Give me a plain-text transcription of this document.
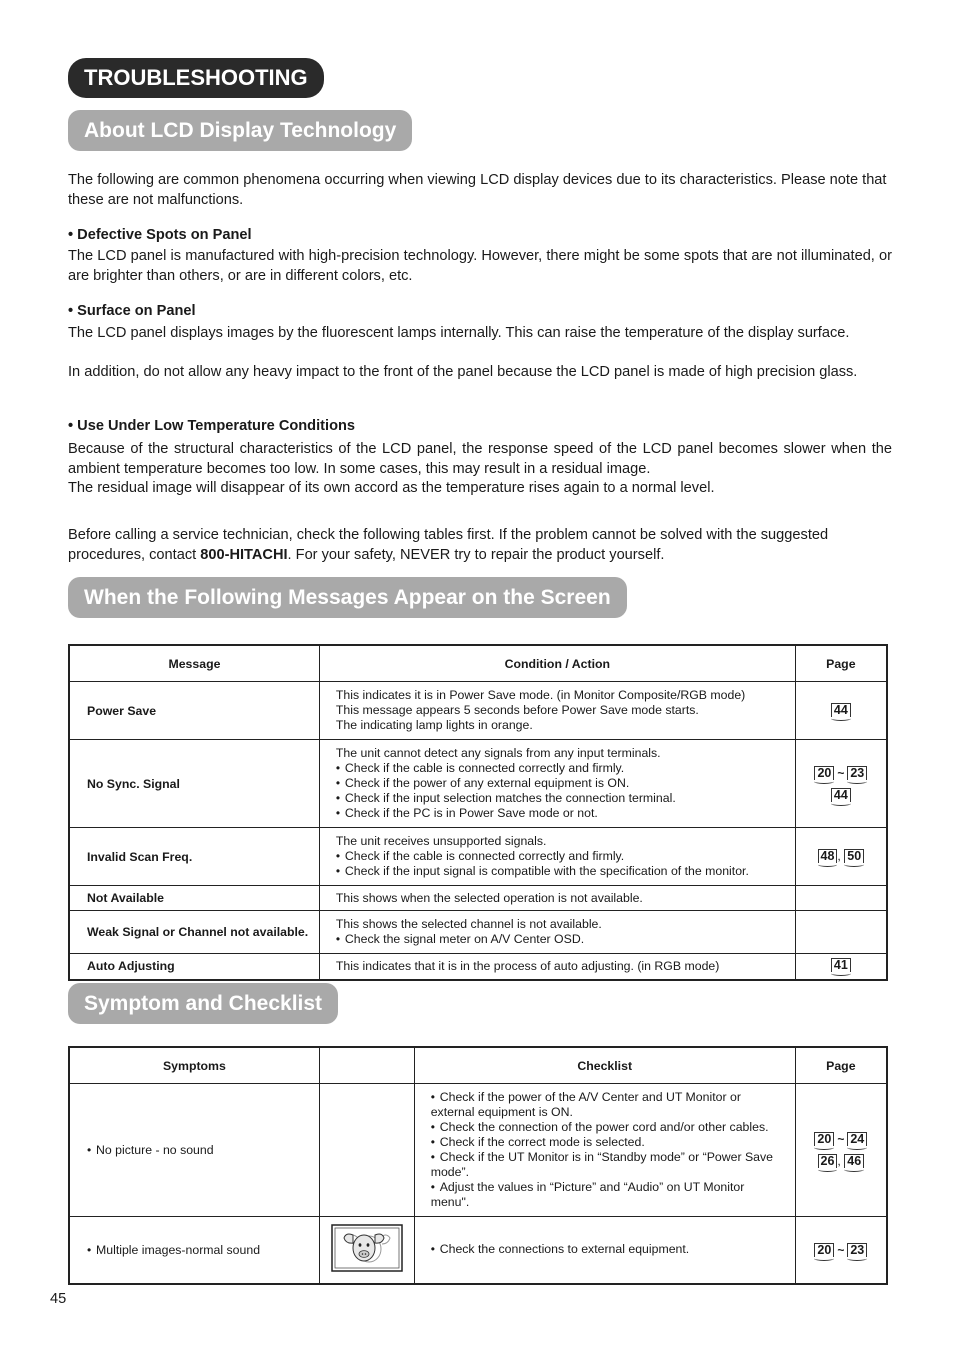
TROUBLESHOOTING
About LCD Display Technology

The following are common phenomena occurring when viewing LCD display devices due to its characteristics. Please note that these are not malfunctions.

• Defective Spots on Panel

The LCD panel is manufactured with high-precision technology. However, there might be some spots that are not illuminated, or are brighter than others, or are in different colors, etc.

• Surface on Panel

The LCD panel displays images by the fluorescent lamps internally. This can raise the temperature of the display surface.

In addition, do not allow any heavy impact to the front of the panel because the LCD panel is made of high precision glass.

• Use Under Low Temperature Conditions

Because of the structural characteristics of the LCD panel, the response speed of the LCD panel becomes slower when the ambient temperature becomes too low. In some cases, this may result in a residual image.

The residual image will disappear of its own accord as the temperature rises again to a normal level.

Before calling a service technician, check the following tables first. If the problem cannot be solved with the suggested procedures, contact 800-HITACHI. For your safety, NEVER try to repair the product yourself.

When the Following Messages Appear on the Screen
Message	Condition / Action	Page
Power Save	This indicates it is in Power Save mode. (in Monitor Composite/RGB mode)
This message appears 5 seconds before Power Save mode starts.
The indicating lamp lights in orange.	44
No Sync. Signal	The unit cannot detect any signals from any input terminals.
• Check if the cable is connected correctly and firmly.
• Check if the power of any external equipment is ON.
• Check if the input selection matches the connection terminal.
• Check if the PC is in Power Save mode or not.	20 ~ 23
44

Invalid Scan Freq.	The unit receives unsupported signals.
• Check if the cable is connected correctly and firmly.
• Check if the input signal is compatible with the specification of the monitor.	48 , 50
Not Available	This shows when the selected operation is not available.	

Weak Signal or Channel not available.	This shows the selected channel is not available.
• Check the signal meter on A/V Center OSD.

Auto Adjusting	This indicates that it is in the process of auto adjusting. (in RGB mode)	41
Symptom and Checklist
Symptoms		Checklist	Page

• No picture - no sound		• Check if the power of the A/V Center and UT Monitor or external equipment is ON.
• Check the connection of the power cord and/or other cables.
• Check if the correct mode is selected.
• Check if the UT Monitor is in “Standby mode” or “Power Save mode”.
• Adjust the values in “Picture” and “Audio” on UT Monitor menu".	20 ~ 24
26 , 46

• Multiple images-normal sound		• Check the connections to external equipment.	20 ~ 23
45
